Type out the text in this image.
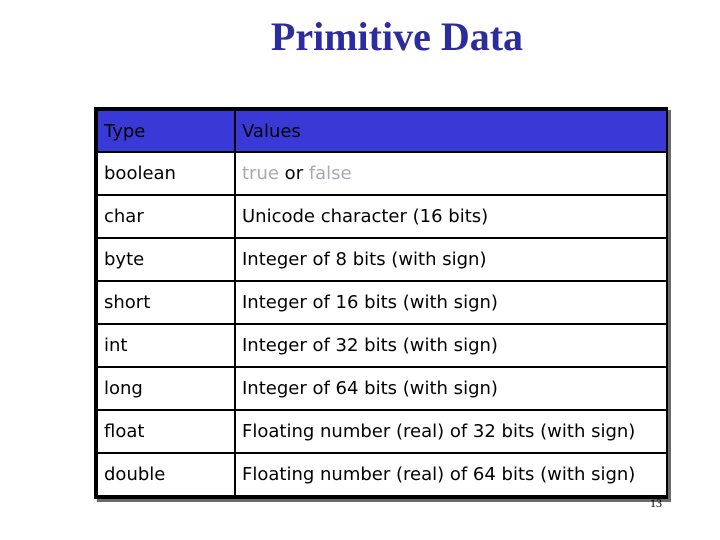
Primitive Data
Type	Values
boolean	true or false
char	Unicode character (16 bits)
byte	Integer of 8 bits (with sign)
short	Integer of 16 bits (with sign)
int	Integer of 32 bits (with sign)
long	Integer of 64 bits (with sign)
float	Floating number (real) of 32 bits (with sign)
double	Floating number (real) of 64 bits (with sign)
13
